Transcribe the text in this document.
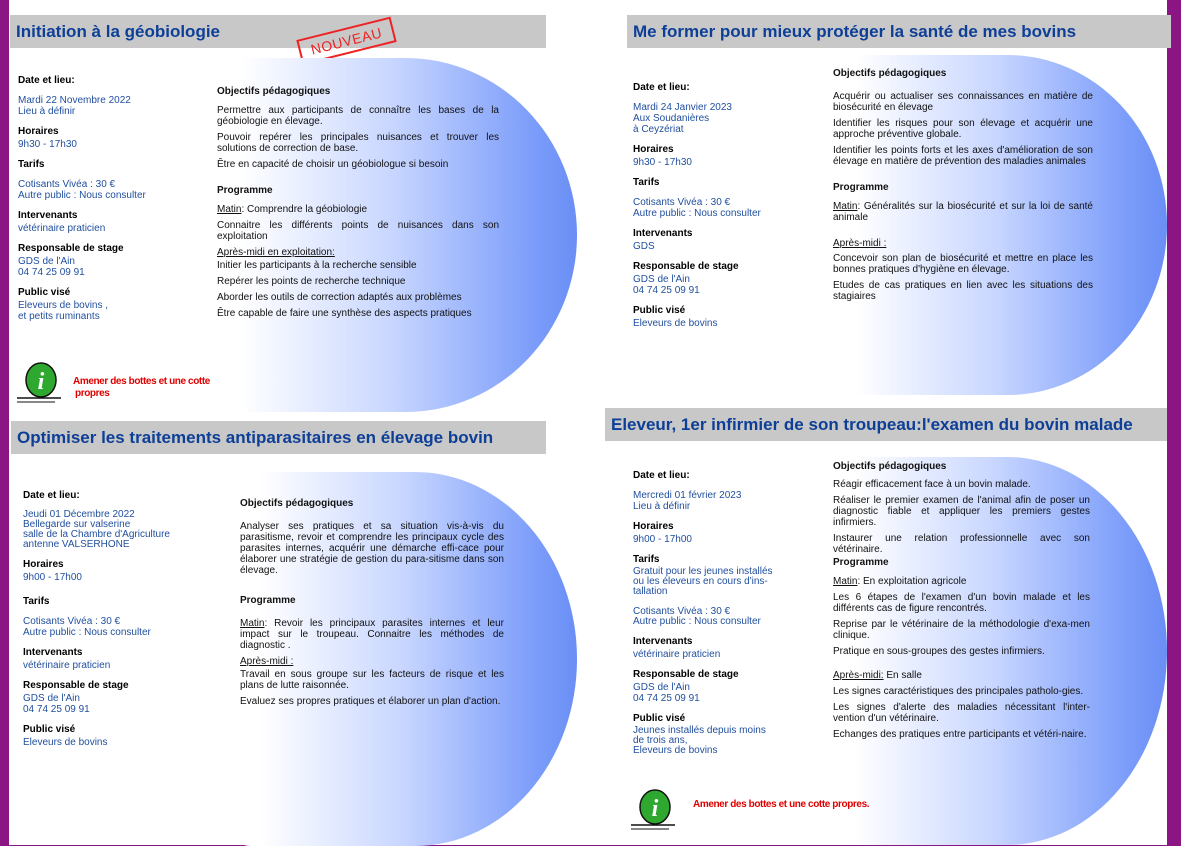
Initiation à la géobiologie	NOUVEAU
Date et lieu:
Mardi 22 Novembre 2022
Lieu à définir
Horaires
9h30 - 17h30
Tarifs
Cotisants Vivéa : 30 €
Autre public : Nous consulter
Intervenants
vétérinaire praticien
Responsable de stage
GDS de l'Ain
04 74 25 09 91
Public visé
Eleveurs de bovins ,
et petits ruminants
Objectifs pédagogiques
Permettre aux participants de connaître les bases de la géobiologie en élevage.
Pouvoir repérer les principales nuisances et trouver les solutions de correction de base.
Être en capacité de choisir un géobiologue si besoin
Programme
Matin: Comprendre la géobiologie
Connaitre les différents points de nuisances dans son exploitation
Après-midi en exploitation:
Initier les participants à la recherche sensible
Repérer les points de recherche technique
Aborder les outils de correction adaptés aux problèmes
Être capable de faire une synthèse des aspects pratiques
i	Amener des bottes et une cotte
propres
Me former pour mieux protéger la santé de mes bovins
Date et lieu:
Mardi 24 Janvier 2023
Aux Soudanières
à Ceyzériat
Horaires
9h30 - 17h30
Tarifs
Cotisants Vivéa : 30 €
Autre public : Nous consulter
Intervenants
GDS
Responsable de stage
GDS de l'Ain
04 74 25 09 91
Public visé
Eleveurs de bovins
Objectifs pédagogiques
Acquérir ou actualiser ses connaissances en matière de biosécurité en élevage
Identifier les risques pour son élevage et acquérir une approche préventive globale.
Identifier les points forts et les axes d'amélioration de son élevage en matière de prévention des maladies animales
Programme
Matin: Généralités sur la biosécurité et sur la loi de santé animale
Après-midi :
Concevoir son plan de biosécurité et mettre en place les bonnes pratiques d'hygiène en élevage.
Etudes de cas pratiques en lien avec les situations des stagiaires
Optimiser les traitements antiparasitaires en élevage bovin
Date et lieu:
Jeudi 01 Décembre 2022
Bellegarde sur valserine
salle de la Chambre d'Agriculture
antenne VALSERHONE
Horaires
9h00 - 17h00
Tarifs
Cotisants Vivéa : 30 €
Autre public : Nous consulter
Intervenants
vétérinaire praticien
Responsable de stage
GDS de l'Ain
04 74 25 09 91
Public visé
Eleveurs de bovins
Objectifs pédagogiques
Analyser ses pratiques et sa situation vis-à-vis du parasitisme, revoir et comprendre les principaux cycle des parasites internes, acquérir une démarche effi-cace pour élaborer une stratégie de gestion du para-sitisme dans son élevage.
Programme
Matin: Revoir les principaux parasites internes et leur impact sur le troupeau. Connaitre les méthodes de diagnostic .
Après-midi :
Travail en sous groupe sur les facteurs de risque et les plans de lutte raisonnée.
Evaluez ses propres pratiques et élaborer un plan d'action.
Eleveur, 1er infirmier de son troupeau:l'examen du bovin malade
Date et lieu:
Mercredi 01 février 2023
Lieu à définir
Horaires
9h00 - 17h00
Tarifs
Gratuit pour les jeunes installés
ou les éleveurs en cours d'ins-
tallation

Cotisants Vivéa : 30 €
Autre public : Nous consulter
Intervenants
vétérinaire praticien
Responsable de stage
GDS de l'Ain
04 74 25 09 91
Public visé
Jeunes installés depuis moins
de trois ans,
Eleveurs de bovins
Objectifs pédagogiques
Réagir efficacement face à un bovin malade.
Réaliser le premier examen de l'animal afin de poser un diagnostic fiable et appliquer les premiers gestes infirmiers.
Instaurer une relation professionnelle avec son vétérinaire.
Programme
Matin: En exploitation agricole
Les 6 étapes de l'examen d'un bovin malade et les différents cas de figure rencontrés.
Reprise par le vétérinaire de la méthodologie d'exa-men clinique.
Pratique en sous-groupes des gestes infirmiers.
Après-midi: En salle
Les signes caractéristiques des principales patholo-gies.
Les signes d'alerte des maladies nécessitant l'inter-vention d'un vétérinaire.
Echanges des pratiques entre participants et vétéri-naire.
i	Amener des bottes et une cotte propres.
